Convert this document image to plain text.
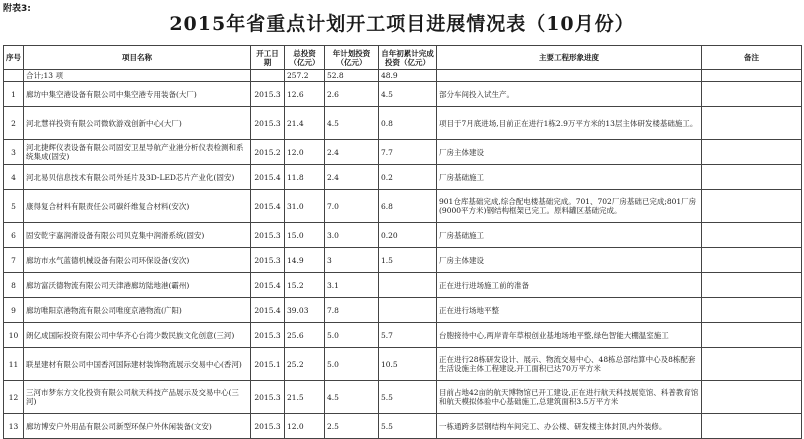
附表3:
2015年省重点计划开工项目进展情况表（10月份）
序号	项目名称	开工日期	总投资（亿元）	年计划投资（亿元）	自年初累计完成投资（亿元）	主要工程形象进度	备注
	合计;13 项		257.2	52.8	48.9		
1	廊坊中集空港设备有限公司中集空港专用装备(大厂)	2015.3	12.6	2.6	4.5	部分车间投入试生产。	
2	河北慧祥投资有限公司微软游戏创新中心(大厂)	2015.3	21.4	4.5	0.8	项目于7月底进场,目前正在进行1栋2.9万平方米的13层主体研发楼基础施工。	
3	河北捷辉仪表设备有限公司固安卫星导航产业港分析仪表检测和系统集成(固安)	2015.2	12.0	2.4	7.7	厂房主体建设	
4	河北易贝信息技术有限公司外延片及3D-LED芯片产业化(固安)	2015.4	11.8	2.4	0.2	厂房基础施工	
5	康得复合材料有限责任公司碳纤维复合材料(安次)	2015.4	31.0	7.0	6.8	901仓库基础完成,综合配电楼基础完成。701、702厂房基础已完成;801厂房(9000平方米)钢结构框架已完工。原料罐区基础完成。	
6	固安乾宇嘉润滑设备有限公司贝克集中润滑系统(固安)	2015.3	15.0	3.0	0.20	厂房基础施工	
7	廊坊市水气蓝德机械设备有限公司环保设备(安次)	2015.3	14.9	3	1.5	厂房主体建设	
8	廊坊富沃德物流有限公司天津港廊坊陆地港(霸州)	2015.4	15.2	3.1		正在进行进场施工前的准备	
9	廊坊唯阳京港物流有限公司唯度京港物流(广阳)	2015.4	39.03	7.8		正在进行场地平整	
10	朗亿成国际投资有限公司中华齐心台湾少数民族文化创意(三河)	2015.3	25.6	5.0	5.7	台胞接待中心,两岸青年草根创业基地场地平整,绿色智能大棚温室施工	
11	联星建材有限公司中国香河国际建材装饰物流展示交易中心(香河)	2015.1	25.2	5.0	10.5	正在进行28栋研发设计、展示、物流交易中心、48栋总部结算中心及8栋配套生活设施主体工程建设,开工面积已达70万平方米	
12	三河市梦东方文化投资有限公司航天科技产品展示及交易中心(三河)	2015.3	21.5	4.5	5.5	目前占地42亩的航天博物馆已开工建设,正在进行航天科技展览馆、科普教育馆和航天模拟体验中心基础施工,总建筑面积3.5万平方米	
13	廊坊博安户外用品有限公司新型环保户外休闲装备(文安)	2015.3	12.0	2.5	5.5	一栋通跨多层钢结构车间完工、办公楼、研发楼主体封顶,内外装修。	
